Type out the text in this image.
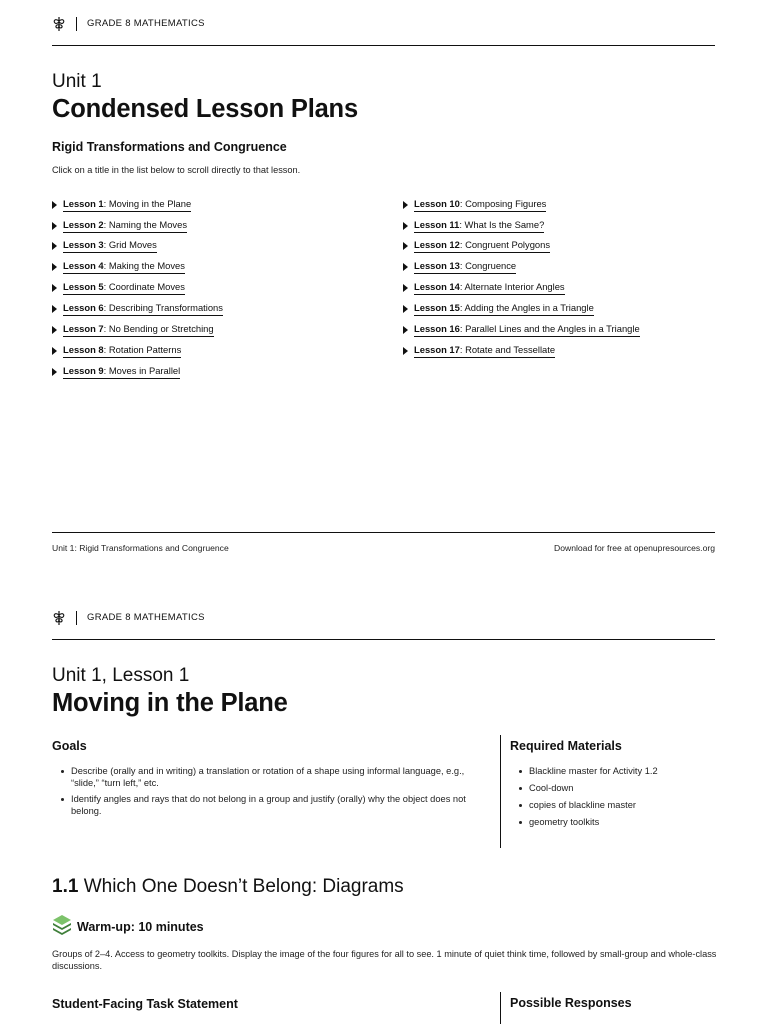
GRADE 8 MATHEMATICS
Unit 1
Condensed Lesson Plans
Rigid Transformations and Congruence
Click on a title in the list below to scroll directly to that lesson.
Lesson 1: Moving in the Plane
Lesson 2: Naming the Moves
Lesson 3: Grid Moves
Lesson 4: Making the Moves
Lesson 5: Coordinate Moves
Lesson 6: Describing Transformations
Lesson 7: No Bending or Stretching
Lesson 8: Rotation Patterns
Lesson 9: Moves in Parallel
Lesson 10: Composing Figures
Lesson 11: What Is the Same?
Lesson 12: Congruent Polygons
Lesson 13: Congruence
Lesson 14: Alternate Interior Angles
Lesson 15: Adding the Angles in a Triangle
Lesson 16: Parallel Lines and the Angles in a Triangle
Lesson 17: Rotate and Tessellate
Unit 1: Rigid Transformations and Congruence	Download for free at openupresources.org
GRADE 8 MATHEMATICS
Unit 1, Lesson 1
Moving in the Plane
Goals
Describe (orally and in writing) a translation or rotation of a shape using informal language, e.g., “slide,” “turn left,” etc.
Identify angles and rays that do not belong in a group and justify (orally) why the object does not belong.
Required Materials
Blackline master for Activity 1.2
Cool-down
copies of blackline master
geometry toolkits
1.1 Which One Doesn’t Belong: Diagrams
Warm-up: 10 minutes
Groups of 2–4. Access to geometry toolkits. Display the image of the four figures for all to see. 1 minute of quiet think time, followed by small-group and whole-class discussions.
Student-Facing Task Statement	Possible Responses
